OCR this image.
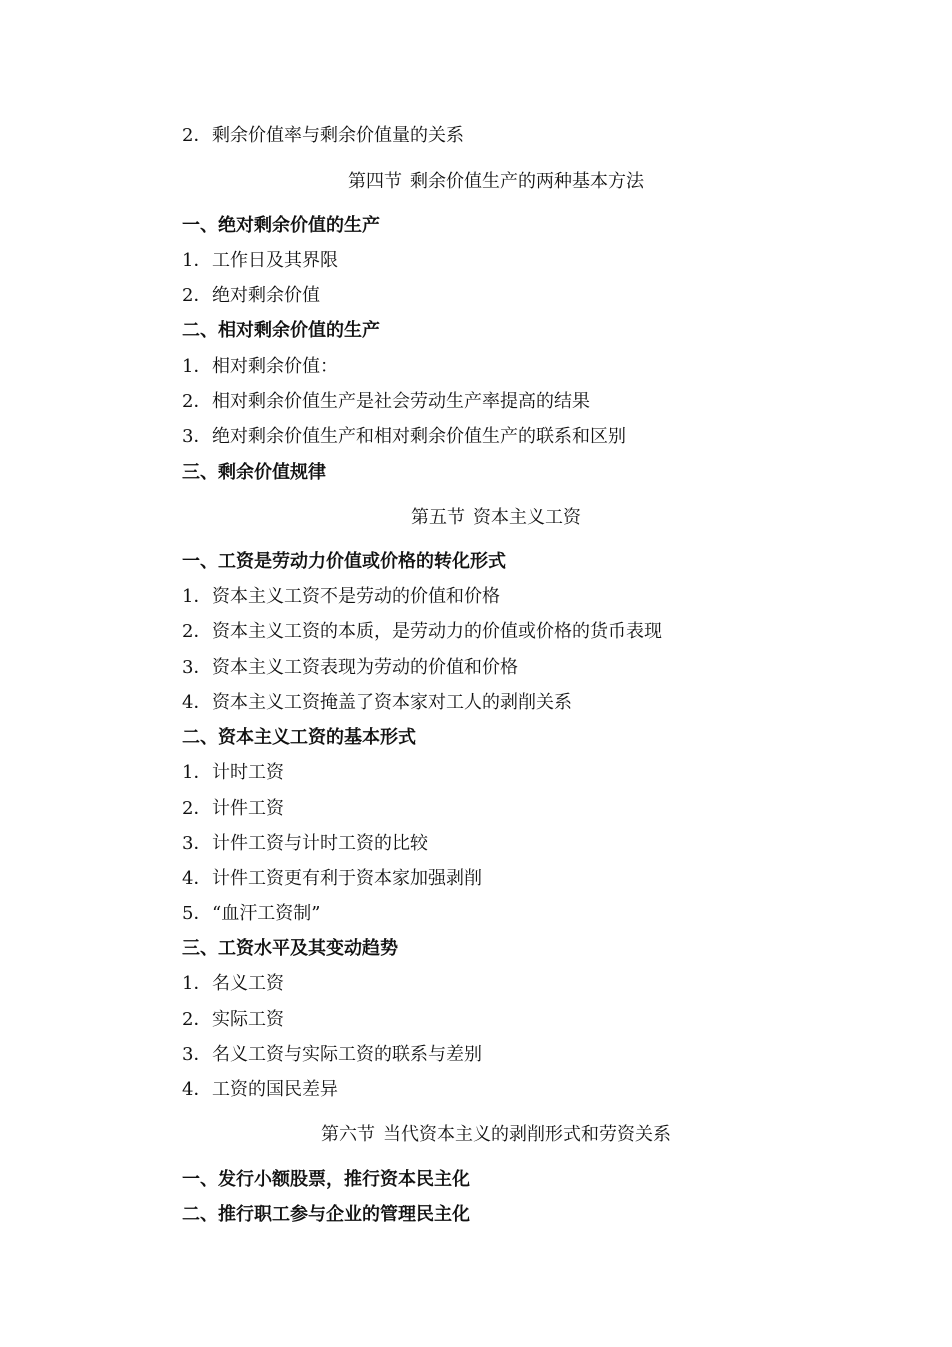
2．剩余价值率与剩余价值量的关系
第四节 剩余价值生产的两种基本方法
一、绝对剩余价值的生产
1．工作日及其界限
2．绝对剩余价值
二、相对剩余价值的生产
1．相对剩余价值：
2．相对剩余价值生产是社会劳动生产率提高的结果
3．绝对剩余价值生产和相对剩余价值生产的联系和区别
三、剩余价值规律
第五节 资本主义工资
一、工资是劳动力价值或价格的转化形式
1．资本主义工资不是劳动的价值和价格
2．资本主义工资的本质，是劳动力的价值或价格的货币表现
3．资本主义工资表现为劳动的价值和价格
4．资本主义工资掩盖了资本家对工人的剥削关系
二、资本主义工资的基本形式
1．计时工资
2．计件工资
3．计件工资与计时工资的比较
4．计件工资更有利于资本家加强剥削
5．“血汗工资制”
三、工资水平及其变动趋势
1．名义工资
2．实际工资
3．名义工资与实际工资的联系与差别
4．工资的国民差异
第六节 当代资本主义的剥削形式和劳资关系
一、发行小额股票，推行资本民主化
二、推行职工参与企业的管理民主化
